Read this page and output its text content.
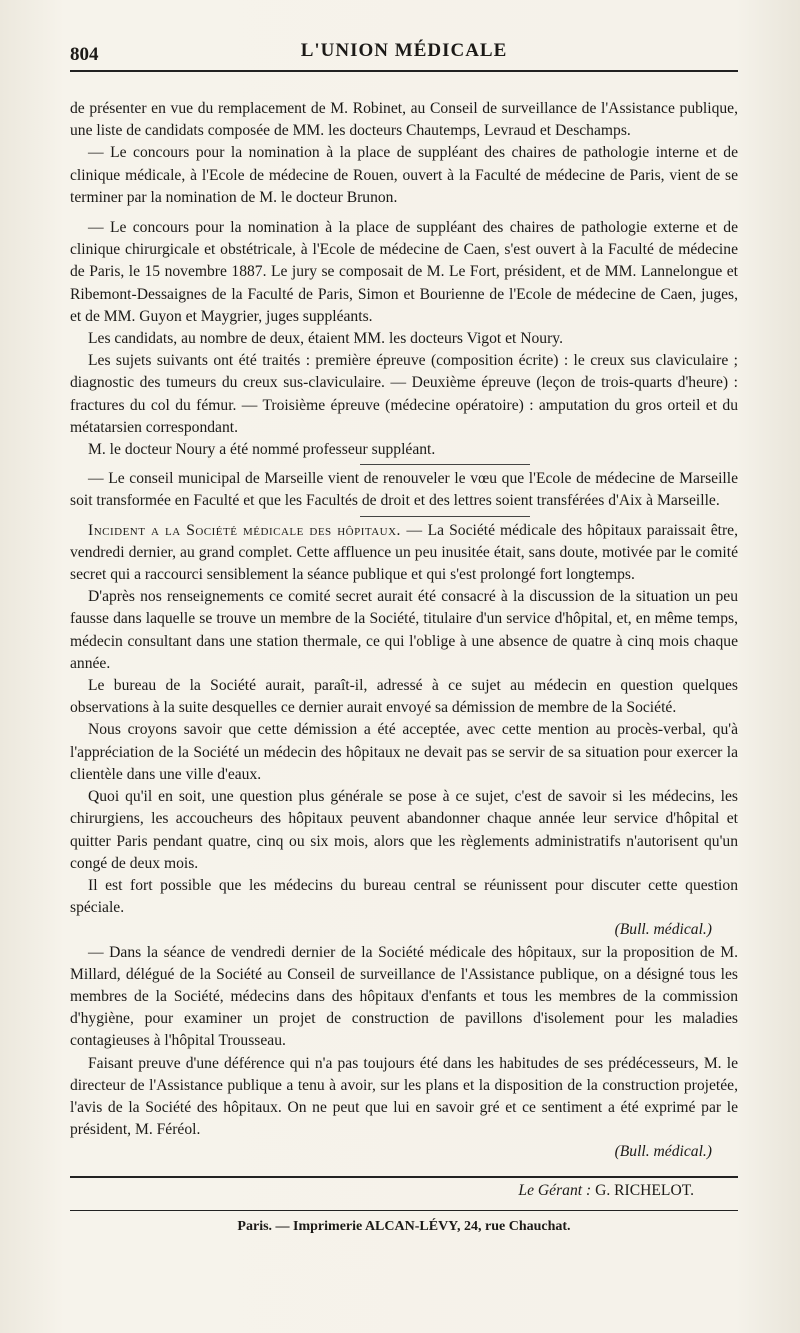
804	L'UNION MÉDICALE

de présenter en vue du remplacement de M. Robinet, au Conseil de surveillance de l'Assistance publique, une liste de candidats composée de MM. les docteurs Chautemps, Levraud et Deschamps.

— Le concours pour la nomination à la place de suppléant des chaires de pathologie interne et de clinique médicale, à l'Ecole de médecine de Rouen, ouvert à la Faculté de médecine de Paris, vient de se terminer par la nomination de M. le docteur Brunon.

— Le concours pour la nomination à la place de suppléant des chaires de pathologie externe et de clinique chirurgicale et obstétricale, à l'Ecole de médecine de Caen, s'est ouvert à la Faculté de médecine de Paris, le 15 novembre 1887. Le jury se composait de M. Le Fort, président, et de MM. Lannelongue et Ribemont-Dessaignes de la Faculté de Paris, Simon et Bourienne de l'Ecole de médecine de Caen, juges, et de MM. Guyon et Maygrier, juges suppléants.

Les candidats, au nombre de deux, étaient MM. les docteurs Vigot et Noury.

Les sujets suivants ont été traités : première épreuve (composition écrite) : le creux sus claviculaire ; diagnostic des tumeurs du creux sus-claviculaire. — Deuxième épreuve (leçon de trois-quarts d'heure) : fractures du col du fémur. — Troisième épreuve (médecine opératoire) : amputation du gros orteil et du métatarsien correspondant.

M. le docteur Noury a été nommé professeur suppléant.

— Le conseil municipal de Marseille vient de renouveler le vœu que l'Ecole de médecine de Marseille soit transformée en Faculté et que les Facultés de droit et des lettres soient transférées d'Aix à Marseille.

Incident a la Société médicale des hôpitaux. — La Société médicale des hôpitaux paraissait être, vendredi dernier, au grand complet. Cette affluence un peu inusitée était, sans doute, motivée par le comité secret qui a raccourci sensiblement la séance publique et qui s'est prolongé fort longtemps.

D'après nos renseignements ce comité secret aurait été consacré à la discussion de la situation un peu fausse dans laquelle se trouve un membre de la Société, titulaire d'un service d'hôpital, et, en même temps, médecin consultant dans une station thermale, ce qui l'oblige à une absence de quatre à cinq mois chaque année.

Le bureau de la Société aurait, paraît-il, adressé à ce sujet au médecin en question quelques observations à la suite desquelles ce dernier aurait envoyé sa démission de membre de la Société.

Nous croyons savoir que cette démission a été acceptée, avec cette mention au procès-verbal, qu'à l'appréciation de la Société un médecin des hôpitaux ne devait pas se servir de sa situation pour exercer la clientèle dans une ville d'eaux.

Quoi qu'il en soit, une question plus générale se pose à ce sujet, c'est de savoir si les médecins, les chirurgiens, les accoucheurs des hôpitaux peuvent abandonner chaque année leur service d'hôpital et quitter Paris pendant quatre, cinq ou six mois, alors que les règlements administratifs n'autorisent qu'un congé de deux mois.

Il est fort possible que les médecins du bureau central se réunissent pour discuter cette question spéciale.

(Bull. médical.)

— Dans la séance de vendredi dernier de la Société médicale des hôpitaux, sur la proposition de M. Millard, délégué de la Société au Conseil de surveillance de l'Assistance publique, on a désigné tous les membres de la Société, médecins dans des hôpitaux d'enfants et tous les membres de la commission d'hygiène, pour examiner un projet de construction de pavillons d'isolement pour les maladies contagieuses à l'hôpital Trousseau.

Faisant preuve d'une déférence qui n'a pas toujours été dans les habitudes de ses prédécesseurs, M. le directeur de l'Assistance publique a tenu à avoir, sur les plans et la disposition de la construction projetée, l'avis de la Société des hôpitaux. On ne peut que lui en savoir gré et ce sentiment a été exprimé par le président, M. Féréol.

(Bull. médical.)
Le Gérant : G. RICHELOT.
Paris. — Imprimerie ALCAN-LÉVY, 24, rue Chauchat.
